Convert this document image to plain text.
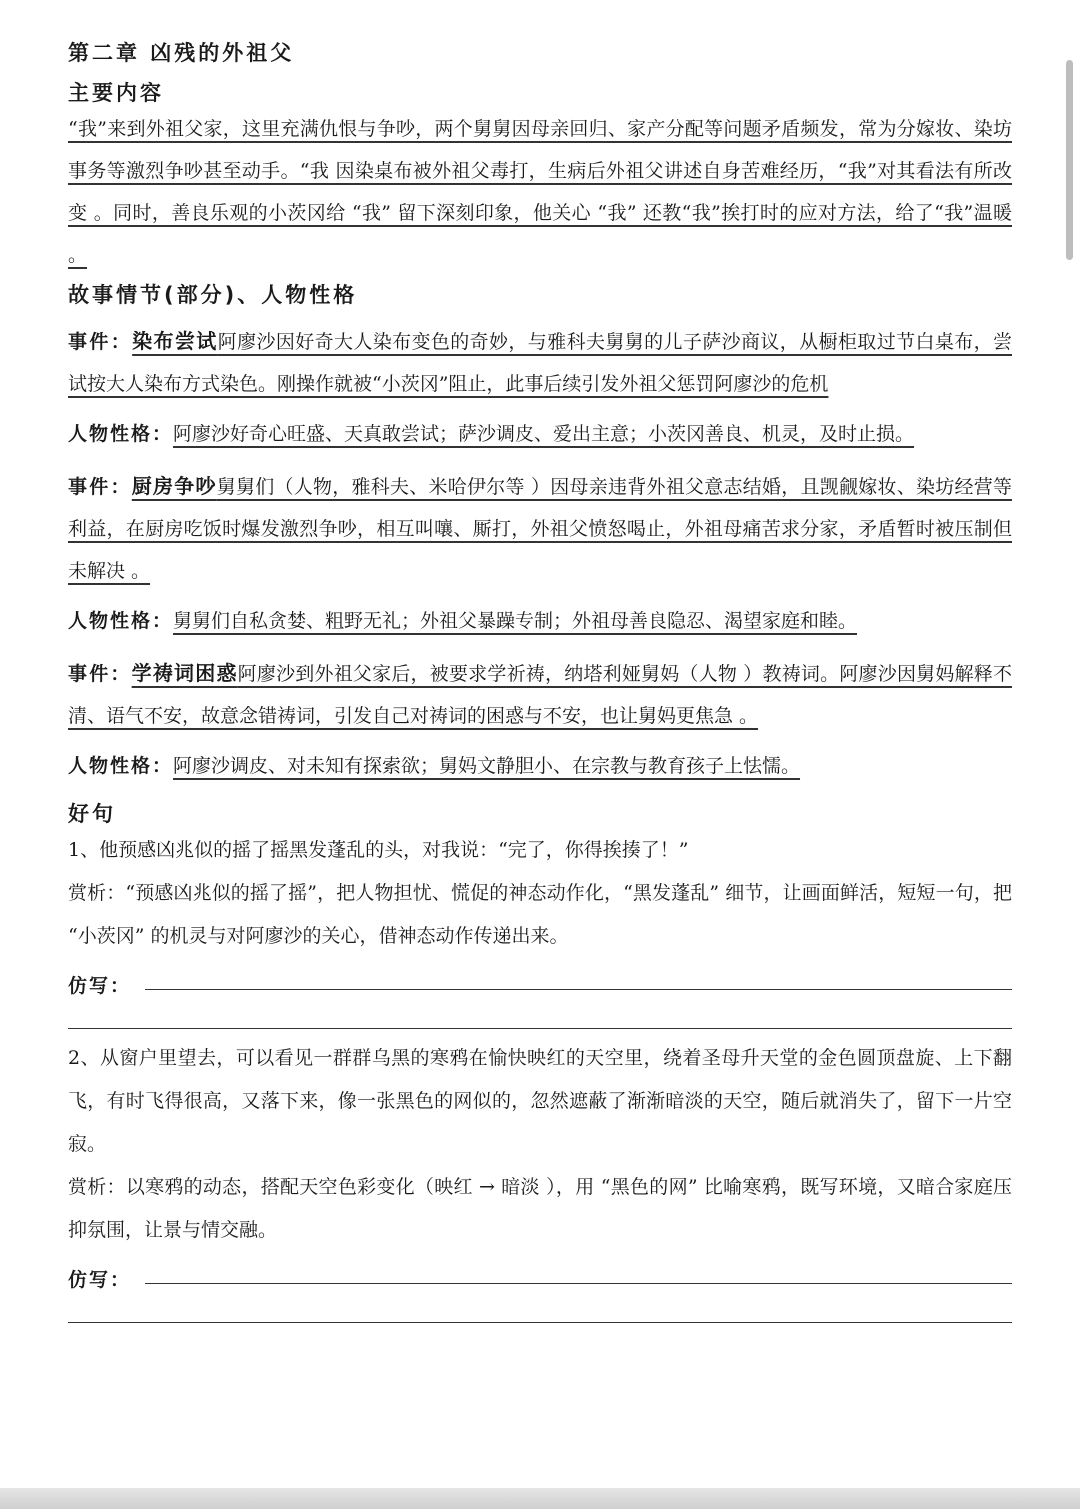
第二章 凶残的外祖父

主要内容

“我”来到外祖父家，这里充满仇恨与争吵，两个舅舅因母亲回归、家产分配等问题矛盾频发，常为分嫁妆、染坊事务等激烈争吵甚至动手。“我 因染桌布被外祖父毒打，生病后外祖父讲述自身苦难经历，“我”对其看法有所改变 。同时，善良乐观的小茨冈给 “我” 留下深刻印象，他关心 “我” 还教“我”挨打时的应对方法，给了“我”温暖 。

故事情节(部分)、人物性格

事件：染布尝试阿廖沙因好奇大人染布变色的奇妙，与雅科夫舅舅的儿子萨沙商议，从橱柜取过节白桌布，尝试按大人染布方式染色。刚操作就被“小茨冈”阻止，此事后续引发外祖父惩罚阿廖沙的危机

人物性格：阿廖沙好奇心旺盛、天真敢尝试；萨沙调皮、爱出主意；小茨冈善良、机灵，及时止损。

事件：厨房争吵舅舅们（人物，雅科夫、米哈伊尔等 ）因母亲违背外祖父意志结婚，且觊觎嫁妆、染坊经营等利益，在厨房吃饭时爆发激烈争吵，相互叫嚷、厮打，外祖父愤怒喝止，外祖母痛苦求分家，矛盾暂时被压制但未解决 。

人物性格：舅舅们自私贪婪、粗野无礼；外祖父暴躁专制；外祖母善良隐忍、渴望家庭和睦。

事件：学祷词困惑阿廖沙到外祖父家后，被要求学祈祷，纳塔利娅舅妈（人物 ）教祷词。阿廖沙因舅妈解释不清、语气不安，故意念错祷词，引发自己对祷词的困惑与不安，也让舅妈更焦急 。

人物性格：阿廖沙调皮、对未知有探索欲；舅妈文静胆小、在宗教与教育孩子上怯懦。

好句

1、他预感凶兆似的摇了摇黑发蓬乱的头，对我说：“完了，你得挨揍了！”

赏析：“预感凶兆似的摇了摇”，把人物担忧、慌促的神态动作化，“黑发蓬乱” 细节，让画面鲜活，短短一句，把 “小茨冈” 的机灵与对阿廖沙的关心，借神态动作传递出来。

仿写：

2、从窗户里望去，可以看见一群群乌黑的寒鸦在愉快映红的天空里，绕着圣母升天堂的金色圆顶盘旋、上下翻飞，有时飞得很高，又落下来，像一张黑色的网似的，忽然遮蔽了渐渐暗淡的天空，随后就消失了，留下一片空寂。

赏析：以寒鸦的动态，搭配天空色彩变化（映红 → 暗淡 ），用 “黑色的网” 比喻寒鸦，既写环境，又暗合家庭压抑氛围，让景与情交融。

仿写：
